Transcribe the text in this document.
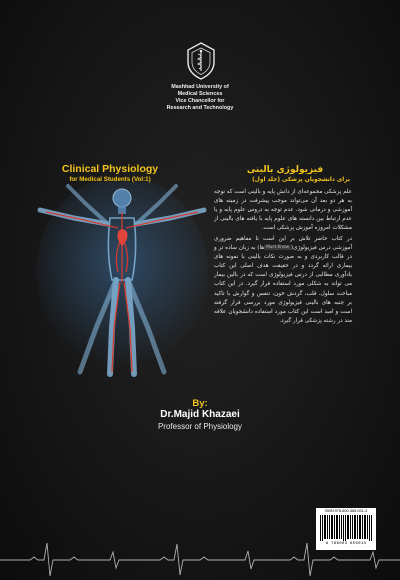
Mashhad University of
Medical Sciences
Vice Chancellor for
Research and Technology
Clinical Physiology
for Medical Students (Vol:1)
فیزیولوژی بالینی
برای دانشجویان پزشکی (جلد اول)

علم پزشکی مجموعه‌ای از دانش پایه و بالینی است که توجه به هر دو بعد آن می‌تواند موجب پیشرفت در زمینه های آموزشی و درمانی شود. عدم توجه به دروس علوم پایه و یا عدم ارتباط بین دانسته های علوم پایه با یافته های بالینی از مشکلات امروزه آموزش پزشکی است.

در کتاب حاضر تلاش بر این است تا مفاهیم ضروری آموزشی درس فیزیولوژی(Must Knowها) به زبان ساده تر و در قالب کاربردی و به صورت نکات بالینی با نمونه های بیماری ارائه گردد و در حقیقت هدف اصلی این کتاب یادآوری مطالبی از درس فیزیولوژی است که در بالین بیمار می تواند به شکلی مورد استفاده قرار گیرد. در این کتاب مباحث سلول، قلب، گردش خون، تنفس و گوارش با تاکید بر جنبه های بالینی فیزیولوژی مورد بررسی قرار گرفته است و امید است این کتاب مورد استفاده دانشجویان علاقه مند در رشته پزشکی قرار گیرد.

By:
Dr.Majid Khazaei
Professor of Physiology
ISBN:978-600-365-001-3
9 786003 650013
